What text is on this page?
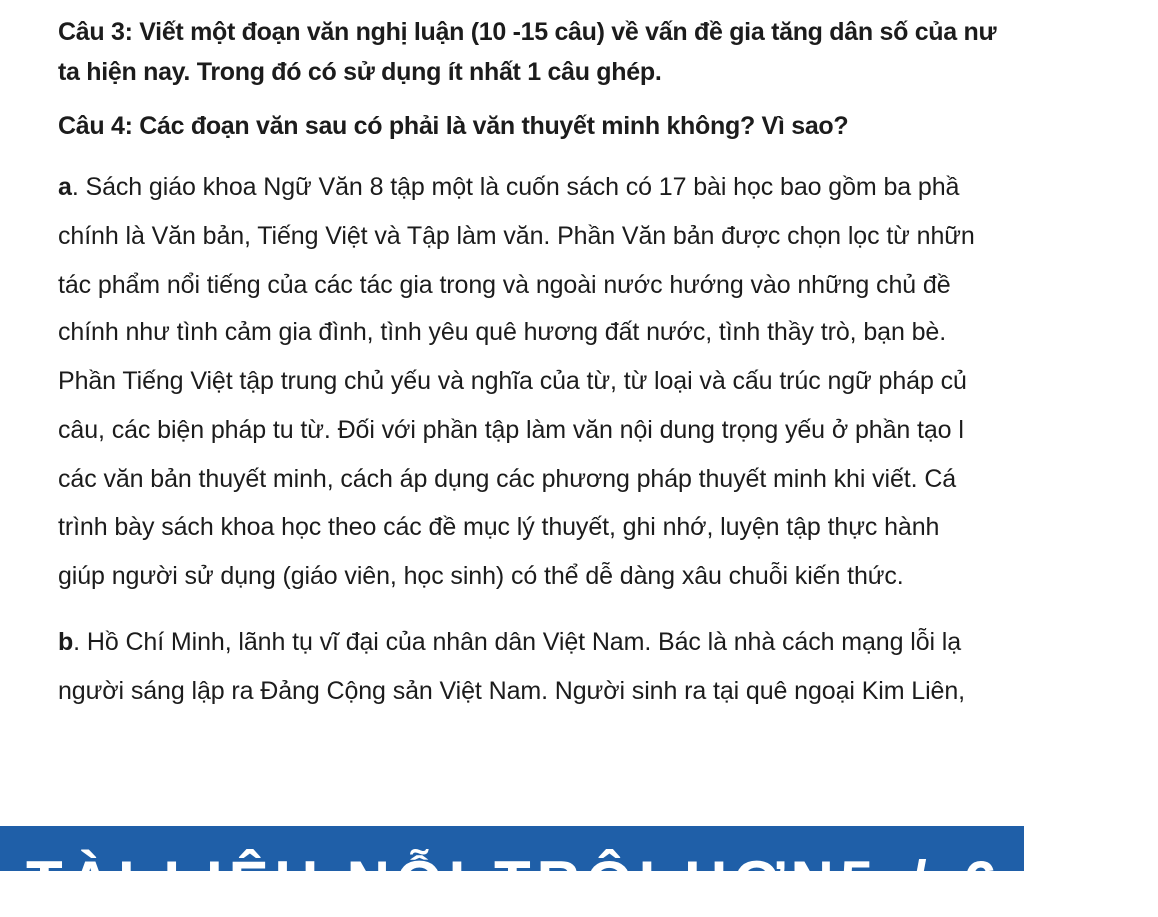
Câu 3: Viết một đoạn văn nghị luận (10 -15 câu) về vấn đề gia tăng dân số của nư
ta hiện nay. Trong đó có sử dụng ít nhất 1 câu ghép.
Câu 4: Các đoạn văn sau có phải là văn thuyết minh không? Vì sao?
a. Sách giáo khoa Ngữ Văn 8 tập một là cuốn sách có 17 bài học bao gồm ba phầ
chính là Văn bản, Tiếng Việt và Tập làm văn. Phần Văn bản được chọn lọc từ nhữn
tác phẩm nổi tiếng của các tác gia trong và ngoài nước hướng vào những chủ đề
chính như tình cảm gia đình, tình yêu quê hương đất nước, tình thầy trò, bạn bè.
Phần Tiếng Việt tập trung chủ yếu và nghĩa của từ, từ loại và cấu trúc ngữ pháp củ
câu, các biện pháp tu từ. Đối với phần tập làm văn nội dung trọng yếu ở phần tạo l
các văn bản thuyết minh, cách áp dụng các phương pháp thuyết minh khi viết. Cá
trình bày sách khoa học theo các đề mục lý thuyết, ghi nhớ, luyện tập thực hành
giúp người sử dụng (giáo viên, học sinh) có thể dễ dàng xâu chuỗi kiến thức.
b. Hồ Chí Minh, lãnh tụ vĩ đại của nhân dân Việt Nam. Bác là nhà cách mạng lỗi lạ
người sáng lập ra Đảng Cộng sản Việt Nam. Người sinh ra tại quê ngoại Kim Liên,
TÀI LIỆU NỖI TRỘI HƠN 5 / 6
